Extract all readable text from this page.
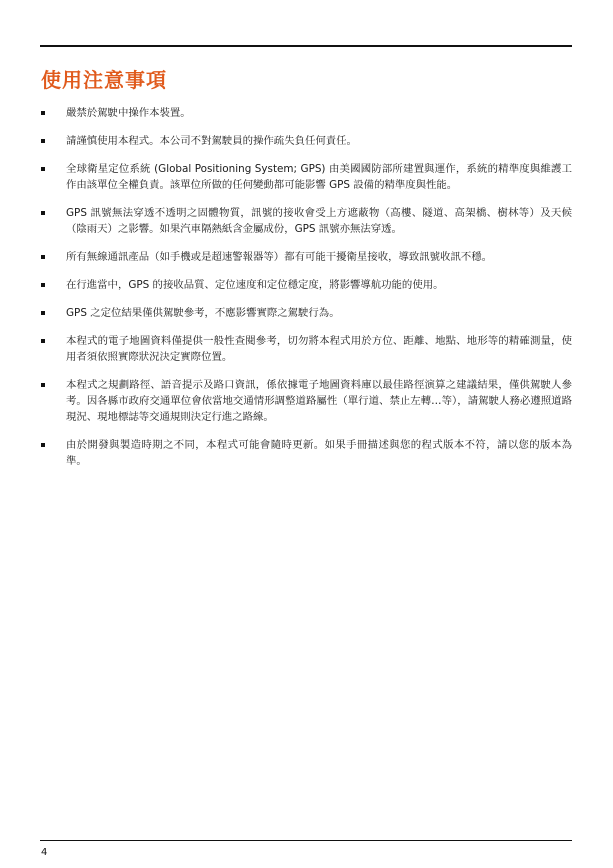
使用注意事項
嚴禁於駕駛中操作本裝置。
請謹慎使用本程式。本公司不對駕駛員的操作疏失負任何責任。
全球衛星定位系統 (Global Positioning System; GPS) 由美國國防部所建置與運作，系統的精準度與維護工作由該單位全權負責。該單位所做的任何變動都可能影響 GPS 設備的精準度與性能。
GPS 訊號無法穿透不透明之固體物質，訊號的接收會受上方遮蔽物（高樓、隧道、高架橋、樹林等）及天候（陰雨天）之影響。如果汽車隔熱紙含金屬成份，GPS 訊號亦無法穿透。
所有無線通訊產品（如手機或是超速警報器等）都有可能干擾衛星接收，導致訊號收訊不穩。
在行進當中，GPS 的接收品質、定位速度和定位穩定度，將影響導航功能的使用。
GPS 之定位結果僅供駕駛參考，不應影響實際之駕駛行為。
本程式的電子地圖資料僅提供一般性查閱參考，切勿將本程式用於方位、距離、地點、地形等的精確測量，使用者須依照實際狀況決定實際位置。
本程式之規劃路徑、語音提示及路口資訊，係依據電子地圖資料庫以最佳路徑演算之建議結果，僅供駕駛人參考。因各縣市政府交通單位會依當地交通情形調整道路屬性（單行道、禁止左轉…等），請駕駛人務必遵照道路現況、現地標誌等交通規則決定行進之路線。
由於開發與製造時期之不同，本程式可能會隨時更新。如果手冊描述與您的程式版本不符，請以您的版本為準。
4
